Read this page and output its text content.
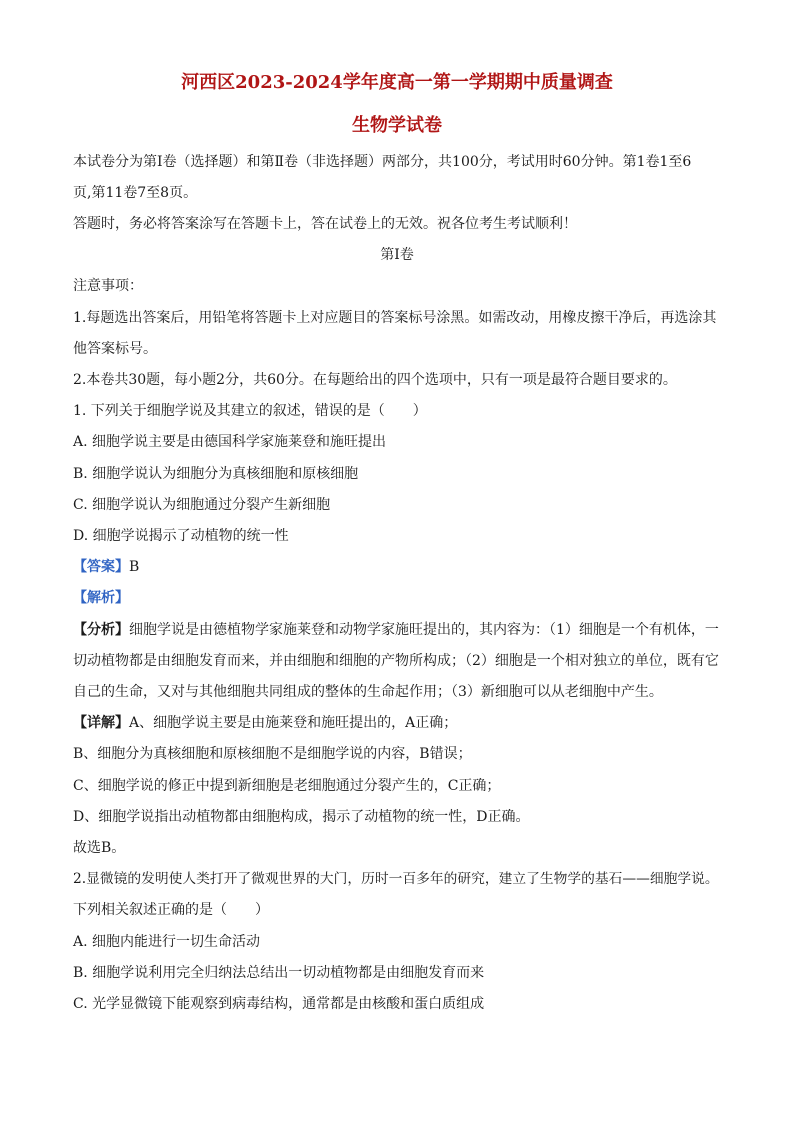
河西区2023-2024学年度高一第一学期期中质量调查
生物学试卷
本试卷分为第Ⅰ卷（选择题）和第Ⅱ卷（非选择题）两部分，共100分，考试用时60分钟。第1卷1至6
页,第11卷7至8页。
答题时，务必将答案涂写在答题卡上，答在试卷上的无效。祝各位考生考试顺利！
第Ⅰ卷
注意事项：
1.每题选出答案后，用铅笔将答题卡上对应题目的答案标号涂黑。如需改动，用橡皮擦干净后，再选涂其
他答案标号。
2.本卷共30题，每小题2分，共60分。在每题给出的四个选项中，只有一项是最符合题目要求的。
1. 下列关于细胞学说及其建立的叙述，错误的是（　　）
A. 细胞学说主要是由德国科学家施莱登和施旺提出
B. 细胞学说认为细胞分为真核细胞和原核细胞
C. 细胞学说认为细胞通过分裂产生新细胞
D. 细胞学说揭示了动植物的统一性
【答案】B
【解析】
【分析】细胞学说是由德植物学家施莱登和动物学家施旺提出的，其内容为：（1）细胞是一个有机体，一
切动植物都是由细胞发育而来，并由细胞和细胞的产物所构成；（2）细胞是一个相对独立的单位，既有它
自己的生命，又对与其他细胞共同组成的整体的生命起作用；（3）新细胞可以从老细胞中产生。
【详解】A、细胞学说主要是由施莱登和施旺提出的，A正确；
B、细胞分为真核细胞和原核细胞不是细胞学说的内容，B错误；
C、细胞学说的修正中提到新细胞是老细胞通过分裂产生的，C正确；
D、细胞学说指出动植物都由细胞构成，揭示了动植物的统一性，D正确。
故选B。
2.显微镜的发明使人类打开了微观世界的大门，历时一百多年的研究，建立了生物学的基石——细胞学说。
下列相关叙述正确的是（　　）
A. 细胞内能进行一切生命活动
B. 细胞学说利用完全归纳法总结出一切动植物都是由细胞发育而来
C. 光学显微镜下能观察到病毒结构，通常都是由核酸和蛋白质组成
